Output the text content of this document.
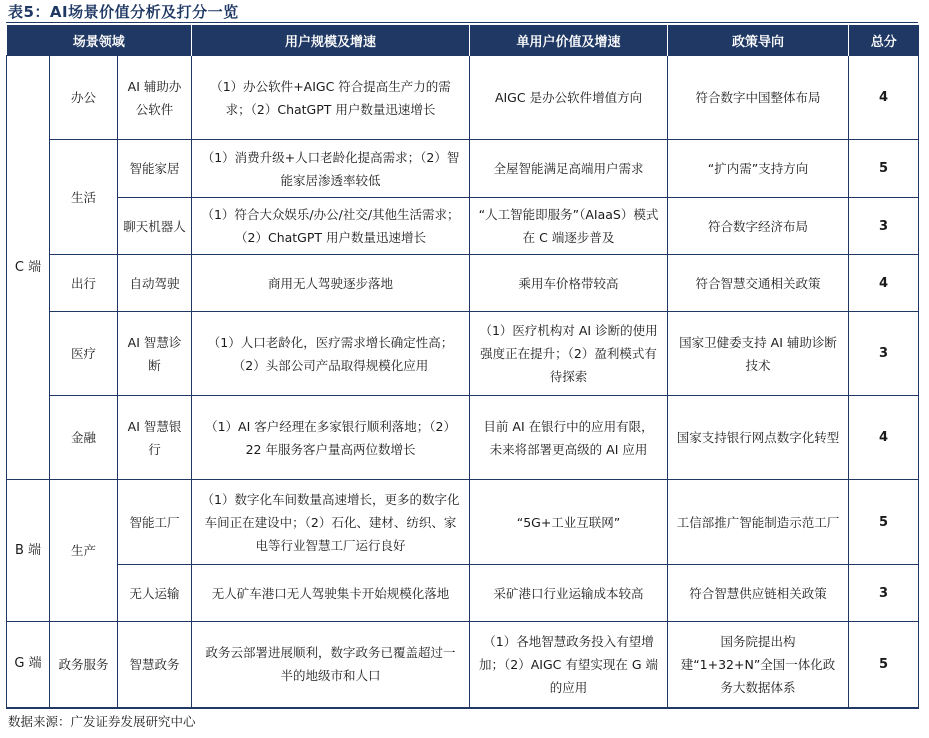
表5：AI场景价值分析及打分一览
场景领域			用户规模及增速	单用户价值及增速	政策导向	总分
C 端	办公	AI 辅助办公软件	（1）办公软件+AIGC 符合提高生产力的需求；（2）ChatGPT 用户数量迅速增长	AIGC 是办公软件增值方向	符合数字中国整体布局	4
	生活	智能家居	（1）消费升级+人口老龄化提高需求；（2）智能家居渗透率较低	全屋智能满足高端用户需求	“扩内需”支持方向	5
		聊天机器人	（1）符合大众娱乐/办公/社交/其他生活需求；（2）ChatGPT 用户数量迅速增长	“人工智能即服务”（AIaaS）模式在 C 端逐步普及	符合数字经济布局	3
	出行	自动驾驶	商用无人驾驶逐步落地	乘用车价格带较高	符合智慧交通相关政策	4
	医疗	AI 智慧诊断	（1）人口老龄化，医疗需求增长确定性高；（2）头部公司产品取得规模化应用	（1）医疗机构对 AI 诊断的使用强度正在提升；（2）盈利模式有待探索	国家卫健委支持 AI 辅助诊断技术	3
	金融	AI 智慧银行	（1）AI 客户经理在多家银行顺利落地；（2）22 年服务客户量高两位数增长	目前 AI 在银行中的应用有限，未来将部署更高级的 AI 应用	国家支持银行网点数字化转型	4
B 端	生产	智能工厂	（1）数字化车间数量高速增长，更多的数字化车间正在建设中；（2）石化、建材、纺织、家电等行业智慧工厂运行良好	“5G+工业互联网”	工信部推广智能制造示范工厂	5
		无人运输	无人矿车港口无人驾驶集卡开始规模化落地	采矿港口行业运输成本较高	符合智慧供应链相关政策	3
G 端	政务服务	智慧政务	政务云部署进展顺利，数字政务已覆盖超过一半的地级市和人口	（1）各地智慧政务投入有望增加；（2）AIGC 有望实现在 G 端的应用	国务院提出构建“1+32+N”全国一体化政务大数据体系	5
数据来源：广发证券发展研究中心
